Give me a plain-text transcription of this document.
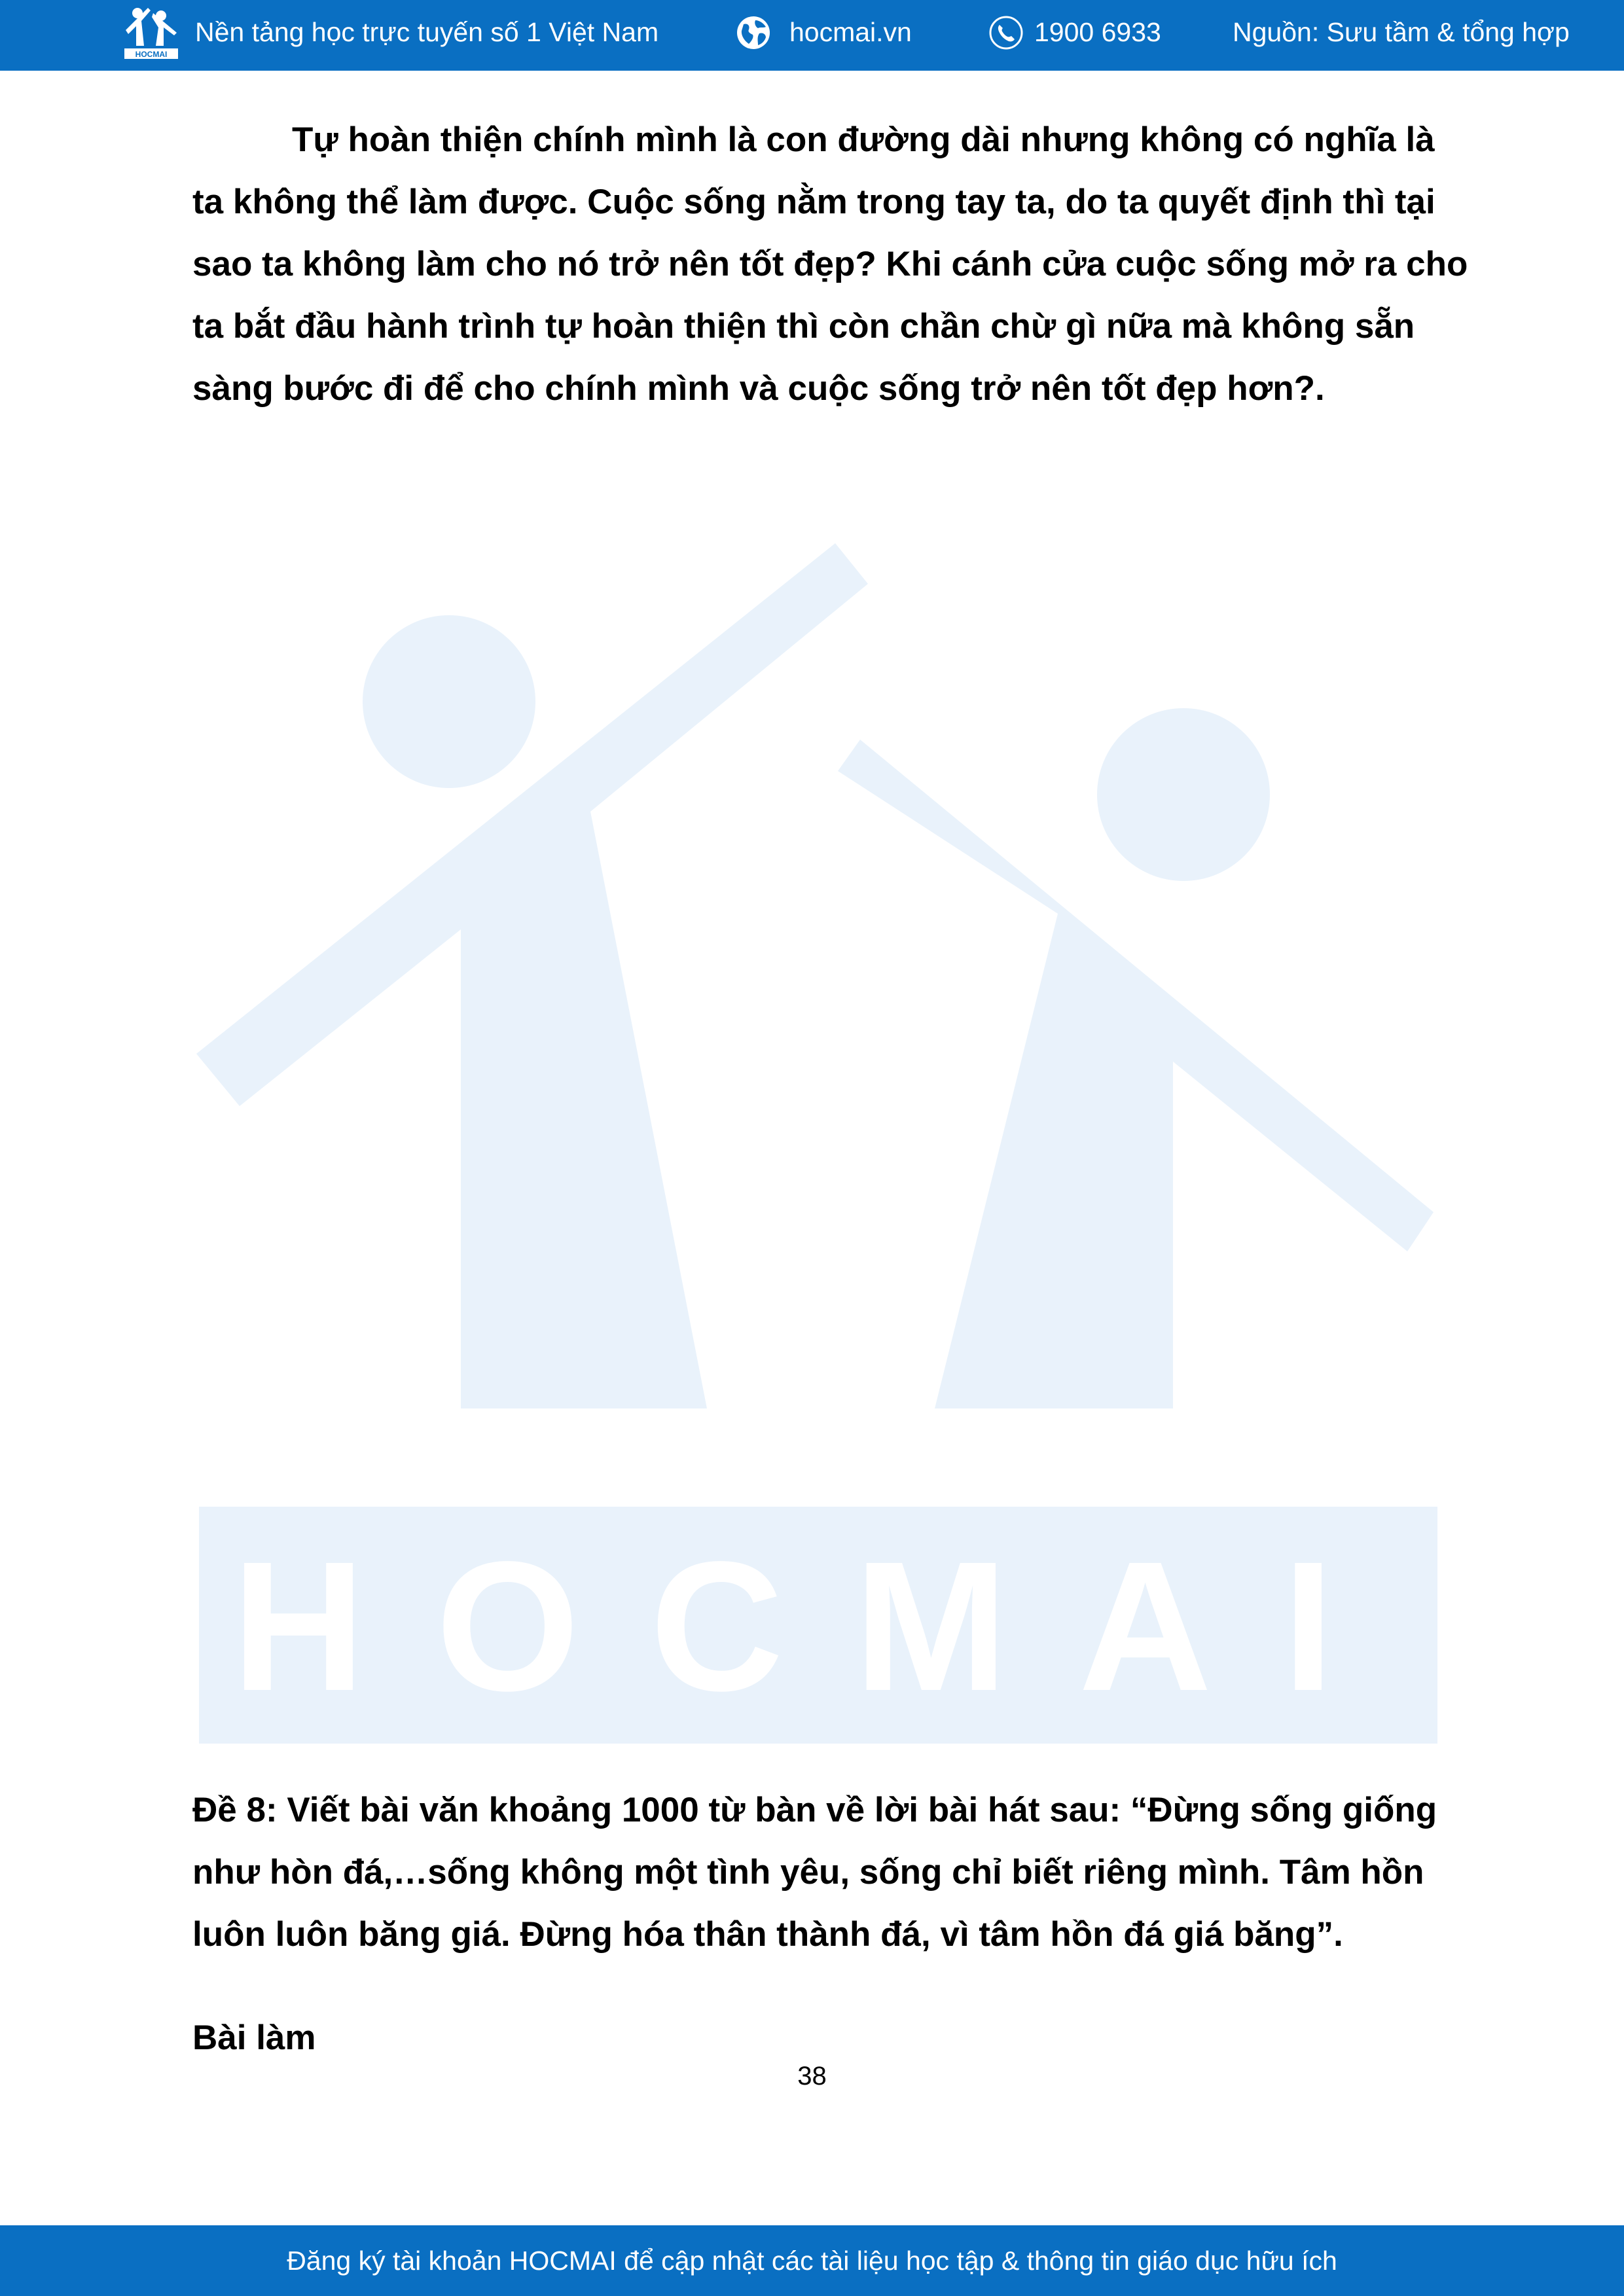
HOCMAI
Nền tảng học trực tuyến số 1 Việt Nam	hocmai.vn	1900 6933	Nguồn: Sưu tầm & tổng hợp
Tự hoàn thiện chính mình là con đường dài nhưng không có nghĩa là ta không thể làm được. Cuộc sống nằm trong tay ta, do ta quyết định thì tại sao ta không làm cho nó trở nên tốt đẹp? Khi cánh cửa cuộc sống mở ra cho ta bắt đầu hành trình tự hoàn thiện thì còn chần chừ gì nữa mà không sẵn sàng bước đi để cho chính mình và cuộc sống trở nên tốt đẹp hơn?.
HOCMAI
Đề 8: Viết bài văn khoảng 1000 từ bàn về lời bài hát sau: “Đừng sống giống như hòn đá,…sống không một tình yêu, sống chỉ biết riêng mình. Tâm hồn luôn luôn băng giá. Đừng hóa thân thành đá, vì tâm hồn đá giá băng”.
Bài làm
38
Đăng ký tài khoản HOCMAI để cập nhật các tài liệu học tập & thông tin giáo dục hữu ích
